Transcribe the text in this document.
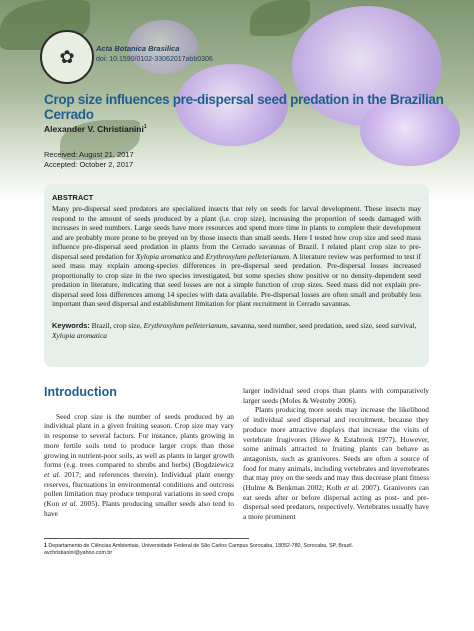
✿	Acta Botanica Brasilica
doi: 10.1590/0102-33062017abb0306
Crop size influences pre-dispersal seed predation in the Brazilian Cerrado
Alexander V. Christianini$^1$
Received: August 21, 2017
Accepted: October 2, 2017
ABSTRACT

Many pre-dispersal seed predators are specialized insects that rely on seeds for larval development. These insects may respond to the amount of seeds produced by a plant (i.e. crop size), increasing the proportion of seeds damaged with increases in seed numbers. Large seeds have more resources and spend more time in plants to complete their development and are probably more prone to be preyed on by those insects than small seeds. Here I tested how crop size and seed mass influence pre-dispersal seed predation in plants from the Cerrado savannas of Brazil. I related plant crop size to pre-dispersal seed predation for Xylopia aromatica and Erythroxylum pelleterianum. A literature review was performed to test if seed mass may explain among-species differences in pre-dispersal seed predation. Pre-dispersal losses increased proportionally to crop size in the two species investigated, but some species show positive or no density-dependent seed predation in literature, indicating that seed losses are not a simple function of crop sizes. Seed mass did not explain pre-dispersal seed loss differences among 14 species with data available. Pre-dispersal losses are often small and probably less important than seed dispersal and establishment limitation for plant recruitment in Cerrado savannas.

Keywords: Brazil, crop size, Erythroxylum pelleterianum, savanna, seed number, seed predation, seed size, seed survival, Xylopia aromatica
Introduction

Seed crop size is the number of seeds produced by an individual plant in a given fruiting season. Crop size may vary in response to several factors. For instance, plants growing in more fertile soils tend to produce larger crops than those growing in nutrient-poor soils, as well as plants in larger growth forms (e.g. trees compared to shrubs and herbs) (Bogdziewicz et al. 2017; and references therein). Individual plant energy reserves, fluctuations in environmental conditions and outcross pollen limitation may produce temporal variations in seed crops (Kon et al. 2005). Plants producing smaller seeds also tend to have

larger individual seed crops than plants with comparatively larger seeds (Moles & Westoby 2006).

Plants producing more seeds may increase the likelihood of individual seed dispersal and recruitment, because they produce more attractive displays that increase the visits of vertebrate frugivores (Howe & Estabrook 1977). However, some animals attracted to fruiting plants can behave as antagonists, such as granivores. Seeds are often a source of food for many animals, including vertebrates and invertebrates that may prey on the seeds and may thus decrease plant fitness (Hulme & Benkman 2002; Kolb et al. 2007). Granivores can eat seeds after or before dispersal acting as post- and pre-dispersal seed predators, respectively. Vertebrates usually have a more prominent

1 Departamento de Ciências Ambientais, Universidade Federal de São Carlos Campus Sorocaba, 18052-780, Sorocaba, SP, Brazil.
avchristianini@yahoo.com.br
